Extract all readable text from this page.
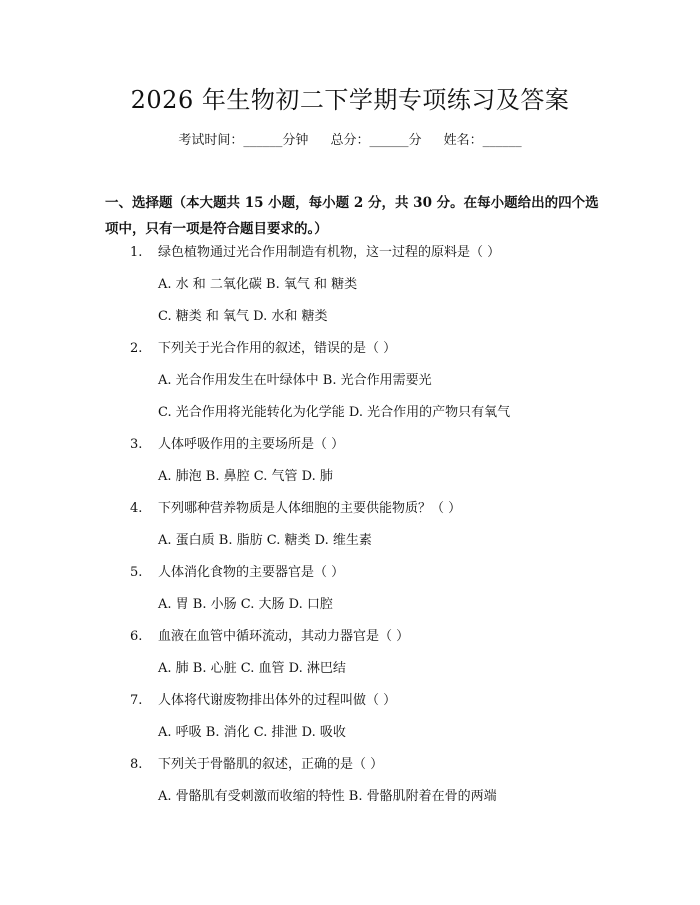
2026 年生物初二下学期专项练习及答案
考试时间：______分钟 总分：______分 姓名：______
一、选择题（本大题共 15 小题，每小题 2 分，共 30 分。在每小题给出的四个选项中，只有一项是符合题目要求的。）
1. 绿色植物通过光合作用制造有机物，这一过程的原料是（ ）
A. 水 和 二氧化碳 B. 氧气 和 糖类
C. 糖类 和 氧气 D. 水和 糖类
2. 下列关于光合作用的叙述，错误的是（ ）
A. 光合作用发生在叶绿体中 B. 光合作用需要光
C. 光合作用将光能转化为化学能 D. 光合作用的产物只有氧气
3. 人体呼吸作用的主要场所是（ ）
A. 肺泡 B. 鼻腔 C. 气管 D. 肺
4. 下列哪种营养物质是人体细胞的主要供能物质？（ ）
A. 蛋白质 B. 脂肪 C. 糖类 D. 维生素
5. 人体消化食物的主要器官是（ ）
A. 胃 B. 小肠 C. 大肠 D. 口腔
6. 血液在血管中循环流动，其动力器官是（ ）
A. 肺 B. 心脏 C. 血管 D. 淋巴结
7. 人体将代谢废物排出体外的过程叫做（ ）
A. 呼吸 B. 消化 C. 排泄 D. 吸收
8. 下列关于骨骼肌的叙述，正确的是（ ）
A. 骨骼肌有受刺激而收缩的特性 B. 骨骼肌附着在骨的两端
